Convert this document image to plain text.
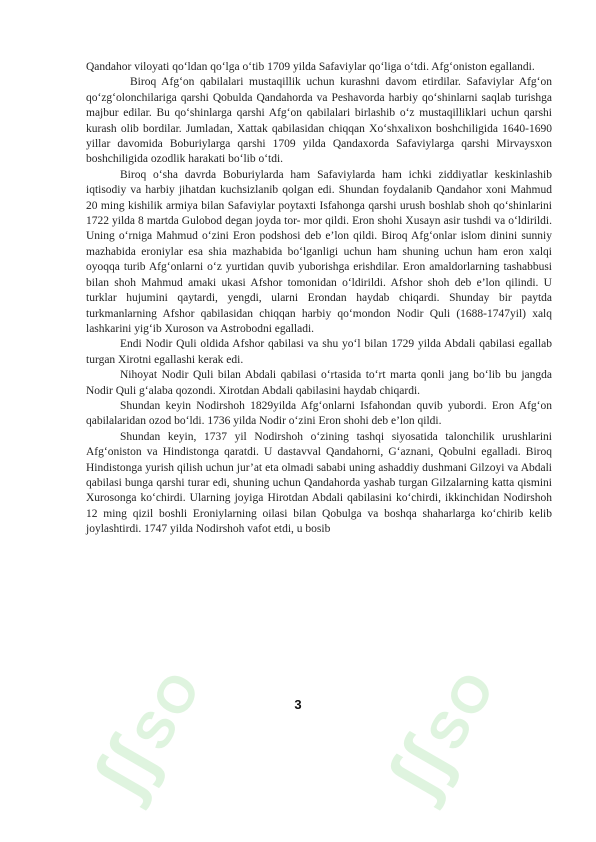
ʃʃ SO
ʃʃ SO

Qandahor viloyati qo‘ldan qo‘lga o‘tib 1709 yilda Safaviylar qo‘liga o‘tdi. Afg‘oniston egallandi.

Biroq Afg‘on qabilalari mustaqillik uchun kurashni davom etirdilar. Safaviylar Afg‘on qo‘zg‘olonchilariga qarshi Qobulda Qandahorda va Peshavorda harbiy qo‘shinlarni saqlab turishga majbur edilar. Bu qo‘shinlarga qarshi Afg‘on qabilalari birlashib o‘z mustaqilliklari uchun qarshi kurash olib bordilar. Jumladan, Xattak qabilasidan chiqqan Xo‘shxalixon boshchiligida 1640-1690 yillar davomida Boburiylarga qarshi 1709 yilda Qandaxorda Safaviylarga qarshi Mirvaysxon boshchiligida ozodlik harakati bo‘lib o‘tdi.

Biroq o‘sha davrda Boburiylarda ham Safaviylarda ham ichki ziddiyatlar keskinlashib iqtisodiy va harbiy jihatdan kuchsizlanib qolgan edi. Shundan foydalanib Qandahor xoni Mahmud 20 ming kishilik armiya bilan Safaviylar poytaxti Isfahonga qarshi urush boshlab shoh qo‘shinlarini 1722 yilda 8 martda Gulobod degan joyda tor- mor qildi. Eron shohi Xusayn asir tushdi va o‘ldirildi. Uning o‘rniga Mahmud o‘zini Eron podshosi deb e’lon qildi. Biroq Afg‘onlar islom dinini sunniy mazhabida eroniylar esa shia mazhabida bo‘lganligi uchun ham shuning uchun ham eron xalqi oyoqqa turib Afg‘onlarni o‘z yurtidan quvib yuborishga erishdilar. Eron amaldorlarning tashabbusi bilan shoh Mahmud amaki ukasi Afshor tomonidan o‘ldirildi. Afshor shoh deb e’lon qilindi. U turklar hujumini qaytardi, yengdi, ularni Erondan haydab chiqardi. Shunday bir paytda turkmanlarning Afshor qabilasidan chiqqan harbiy qo‘mondon Nodir Quli (1688-1747yil) xalq lashkarini yig‘ib Xuroson va Astrobodni egalladi.

Endi Nodir Quli oldida Afshor qabilasi va shu yo‘l bilan 1729 yilda Abdali qabilasi egallab turgan Xirotni egallashi kerak edi.

Nihoyat Nodir Quli bilan Abdali qabilasi o‘rtasida to‘rt marta qonli jang bo‘lib bu jangda Nodir Quli g‘alaba qozondi. Xirotdan Abdali qabilasini haydab chiqardi.

Shundan keyin Nodirshoh 1829yilda Afg‘onlarni Isfahondan quvib yubordi. Eron Afg‘on qabilalaridan ozod bo‘ldi. 1736 yilda Nodir o‘zini Eron shohi deb e’lon qildi.

Shundan keyin, 1737 yil Nodirshoh o‘zining tashqi siyosatida talonchilik urushlarini Afg‘oniston va Hindistonga qaratdi. U dastavval Qandahorni, G‘aznani, Qobulni egalladi. Biroq Hindistonga yurish qilish uchun jur’at eta olmadi sababi uning ashaddiy dushmani Gilzoyi va Abdali qabilasi bunga qarshi turar edi, shuning uchun Qandahorda yashab turgan Gilzalarning katta qismini Xurosonga ko‘chirdi. Ularning joyiga Hirotdan Abdali qabilasini ko‘chirdi, ikkinchidan Nodirshoh 12 ming qizil boshli Eroniylarning oilasi bilan Qobulga va boshqa shaharlarga ko‘chirib kelib joylashtirdi. 1747 yilda Nodirshoh vafot etdi, u bosib

3
